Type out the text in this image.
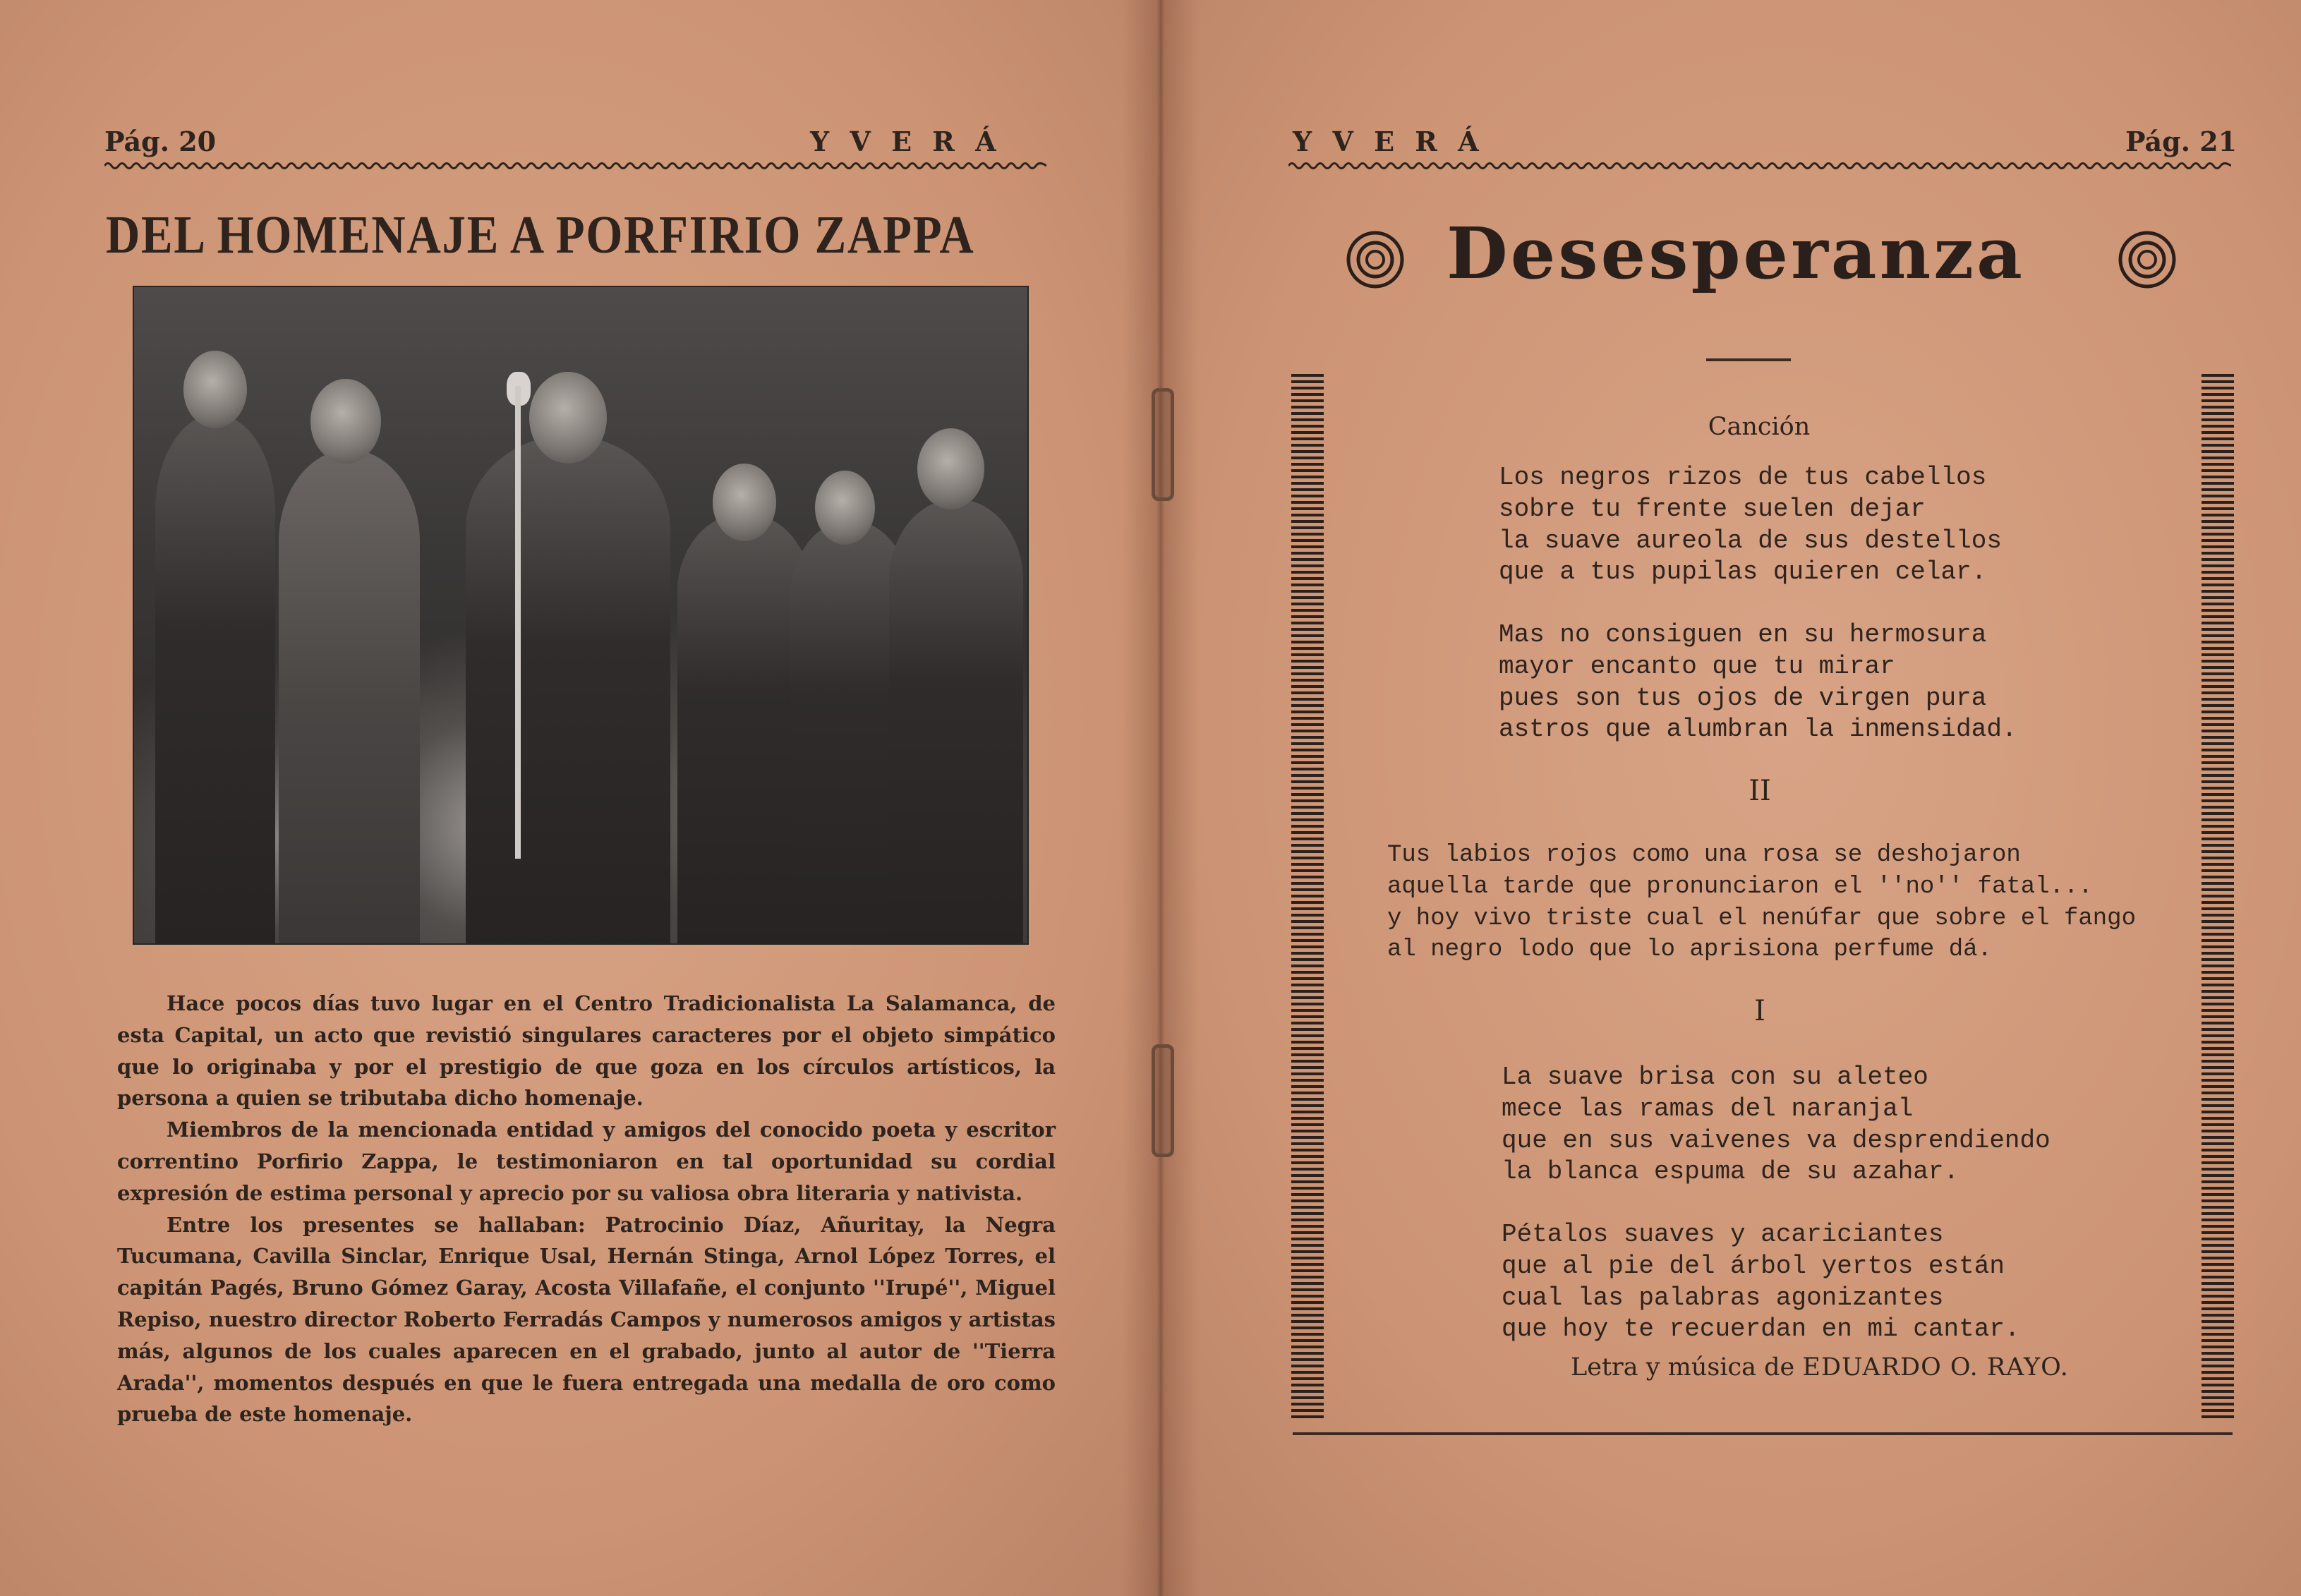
Pág. 20	Y V E R Á
DEL HOMENAJE A PORFIRIO ZAPPA

Hace pocos días tuvo lugar en el Centro Tradicionalista La Salamanca, de esta Capital, un acto que revistió singulares caracteres por el objeto simpático que lo originaba y por el prestigio de que goza en los círculos artísticos, la persona a quien se tributaba dicho homenaje.

Miembros de la mencionada entidad y amigos del conocido poeta y escritor correntino Porfirio Zappa, le testimoniaron en tal oportunidad su cordial expresión de estima personal y aprecio por su valiosa obra literaria y nativista.

Entre los presentes se hallaban: Patrocinio Díaz, Añuritay, la Negra Tucumana, Cavilla Sinclar, Enrique Usal, Hernán Stinga, Arnol López Torres, el capitán Pagés, Bruno Gómez Garay, Acosta Villafañe, el conjunto ''Irupé'', Miguel Repiso, nuestro director Roberto Ferradás Campos y numerosos amigos y artistas más, algunos de los cuales aparecen en el grabado, junto al autor de ''Tierra Arada'', momentos después en que le fuera entregada una medalla de oro como prueba de este homenaje.

Y V E R Á	Pág. 21
Desesperanza
Canción
Los negros rizos de tus cabellos
sobre tu frente suelen dejar
la suave aureola de sus destellos
que a tus pupilas quieren celar.
Mas no consiguen en su hermosura
mayor encanto que tu mirar
pues son tus ojos de virgen pura
astros que alumbran la inmensidad.
II
Tus labios rojos como una rosa se deshojaron
aquella tarde que pronunciaron el ''no'' fatal...
y hoy vivo triste cual el nenúfar que sobre el fango
al negro lodo que lo aprisiona perfume dá.
I
La suave brisa con su aleteo
mece las ramas del naranjal
que en sus vaivenes va desprendiendo
la blanca espuma de su azahar.
Pétalos suaves y acariciantes
que al pie del árbol yertos están
cual las palabras agonizantes
que hoy te recuerdan en mi cantar.
Letra y música de EDUARDO O. RAYO.
